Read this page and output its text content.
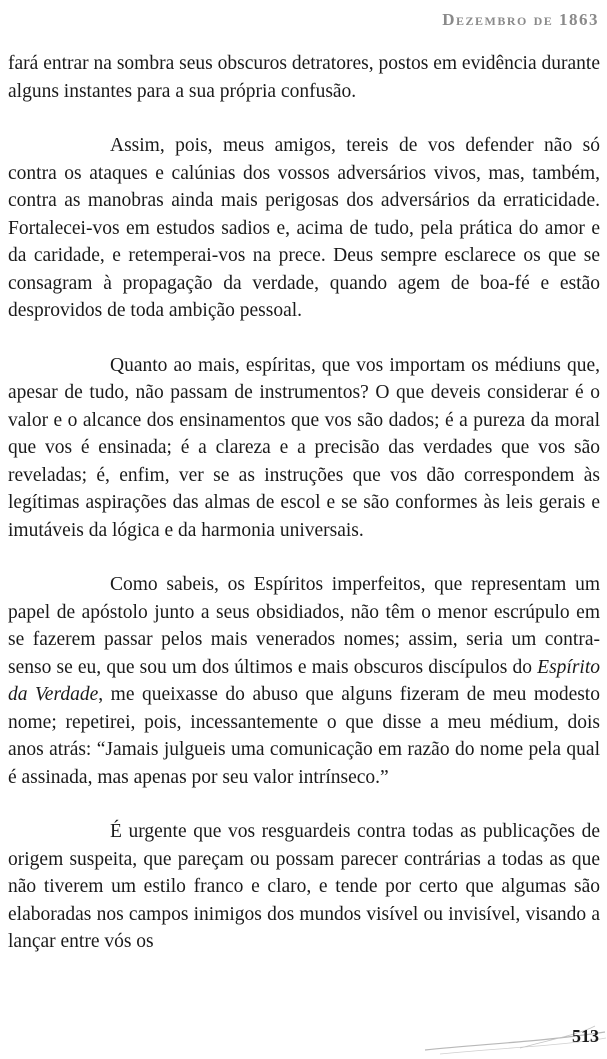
Dezembro de 1863

fará entrar na sombra seus obscuros detratores, postos em evidência durante alguns instantes para a sua própria confusão.

Assim, pois, meus amigos, tereis de vos defender não só contra os ataques e calúnias dos vossos adversários vivos, mas, também, contra as manobras ainda mais perigosas dos adversários da erraticidade. Fortalecei-vos em estudos sadios e, acima de tudo, pela prática do amor e da caridade, e retemperai-vos na prece. Deus sempre esclarece os que se consagram à propagação da verdade, quando agem de boa-fé e estão desprovidos de toda ambição pessoal.

Quanto ao mais, espíritas, que vos importam os médiuns que, apesar de tudo, não passam de instrumentos? O que deveis considerar é o valor e o alcance dos ensinamentos que vos são dados; é a pureza da moral que vos é ensinada; é a clareza e a precisão das verdades que vos são reveladas; é, enfim, ver se as instruções que vos dão correspondem às legítimas aspirações das almas de escol e se são conformes às leis gerais e imutáveis da lógica e da harmonia universais.

Como sabeis, os Espíritos imperfeitos, que representam um papel de apóstolo junto a seus obsidiados, não têm o menor escrúpulo em se fazerem passar pelos mais venerados nomes; assim, seria um contra-senso se eu, que sou um dos últimos e mais obscuros discípulos do Espírito da Verdade, me queixasse do abuso que alguns fizeram de meu modesto nome; repetirei, pois, incessantemente o que disse a meu médium, dois anos atrás: “Jamais julgueis uma comunicação em razão do nome pela qual é assinada, mas apenas por seu valor intrínseco.”

É urgente que vos resguardeis contra todas as publicações de origem suspeita, que pareçam ou possam parecer contrárias a todas as que não tiverem um estilo franco e claro, e tende por certo que algumas são elaboradas nos campos inimigos dos mundos visível ou invisível, visando a lançar entre vós os

513
